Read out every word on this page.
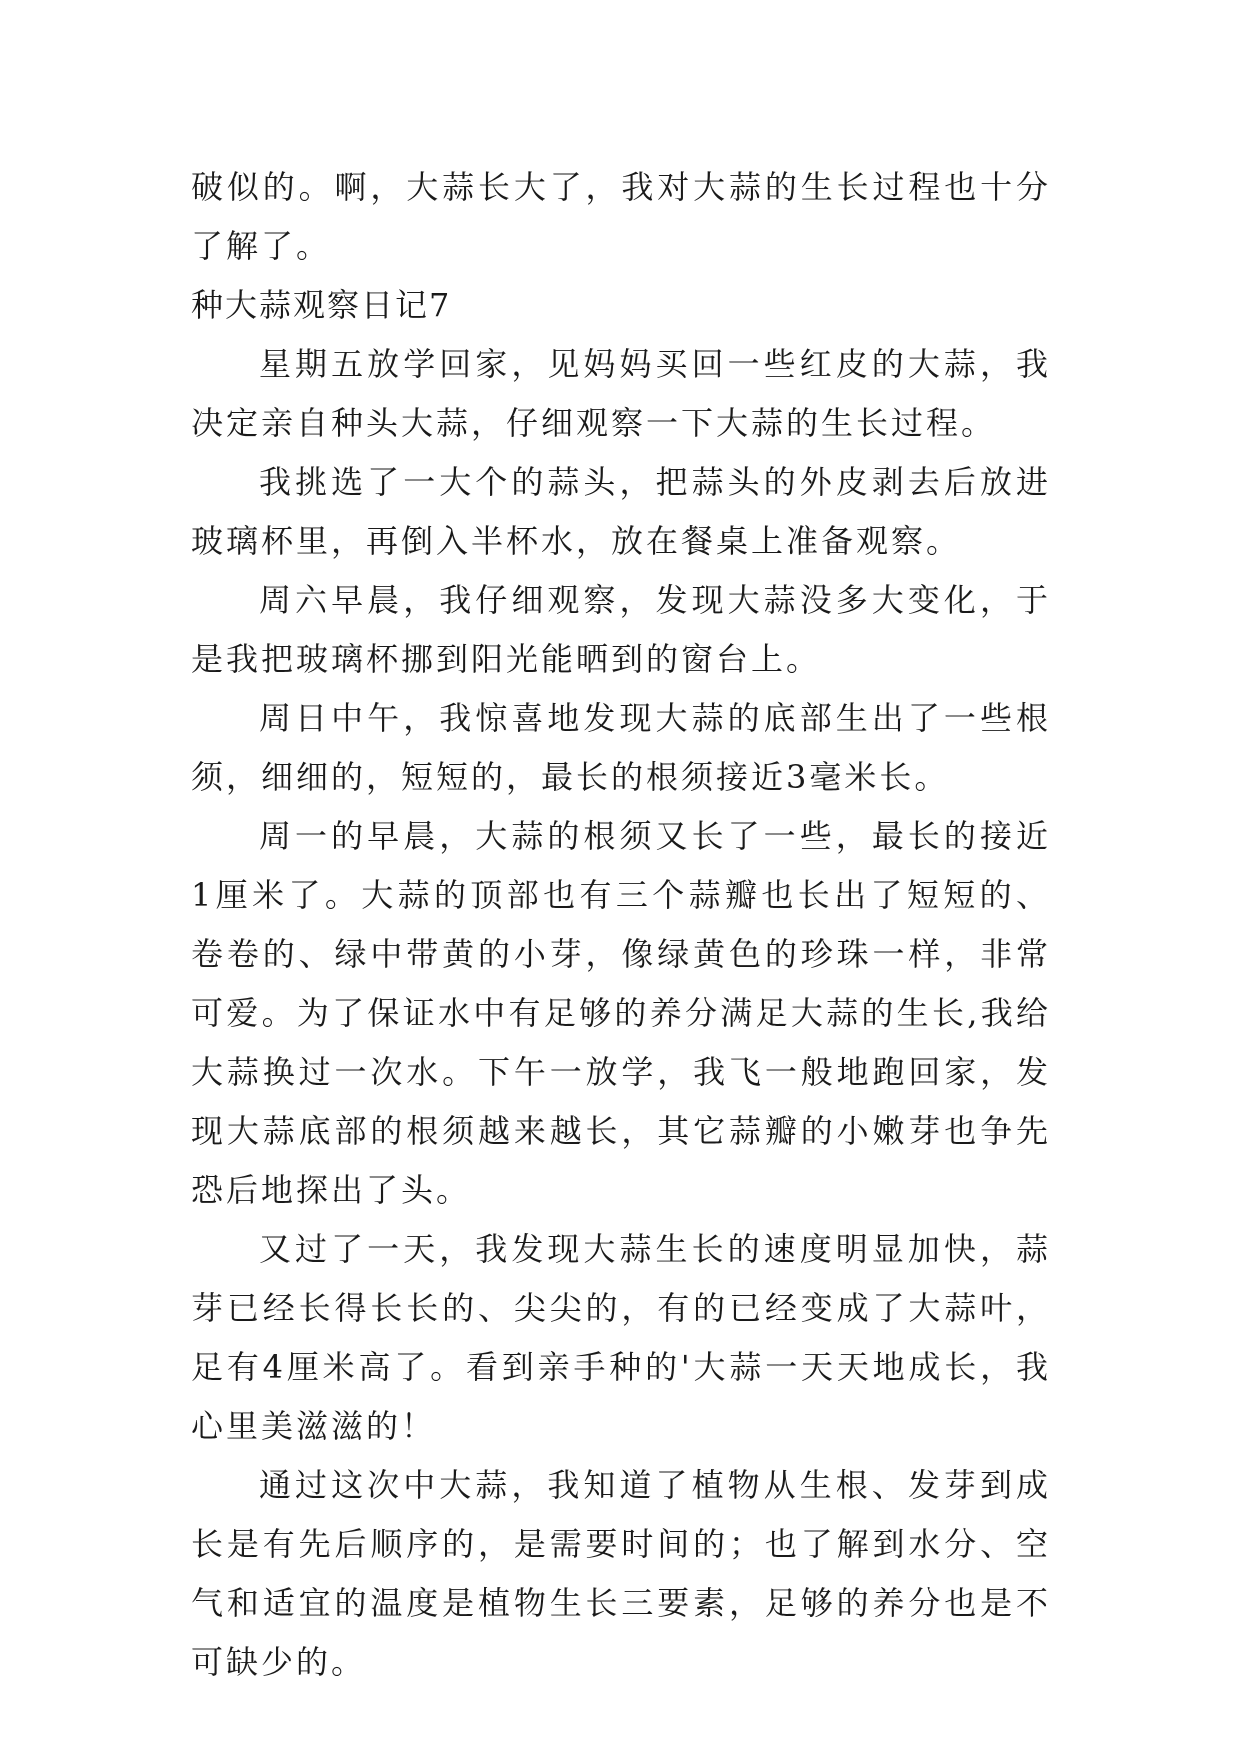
破似的。啊，大蒜长大了，我对大蒜的生长过程也十分了解了。

种大蒜观察日记7

星期五放学回家，见妈妈买回一些红皮的大蒜，我决定亲自种头大蒜，仔细观察一下大蒜的生长过程。

我挑选了一大个的蒜头，把蒜头的外皮剥去后放进玻璃杯里，再倒入半杯水，放在餐桌上准备观察。

周六早晨，我仔细观察，发现大蒜没多大变化，于是我把玻璃杯挪到阳光能晒到的窗台上。

周日中午，我惊喜地发现大蒜的底部生出了一些根须，细细的，短短的，最长的根须接近3毫米长。

周一的早晨，大蒜的根须又长了一些，最长的接近1厘米了。大蒜的顶部也有三个蒜瓣也长出了短短的、卷卷的、绿中带黄的小芽，像绿黄色的珍珠一样，非常可爱。为了保证水中有足够的养分满足大蒜的生长,我给大蒜换过一次水。下午一放学，我飞一般地跑回家，发现大蒜底部的根须越来越长，其它蒜瓣的小嫩芽也争先恐后地探出了头。

又过了一天，我发现大蒜生长的速度明显加快，蒜芽已经长得长长的、尖尖的，有的已经变成了大蒜叶，足有4厘米高了。看到亲手种的'大蒜一天天地成长，我心里美滋滋的！

通过这次中大蒜，我知道了植物从生根、发芽到成长是有先后顺序的，是需要时间的；也了解到水分、空气和适宜的温度是植物生长三要素，足够的养分也是不可缺少的。
